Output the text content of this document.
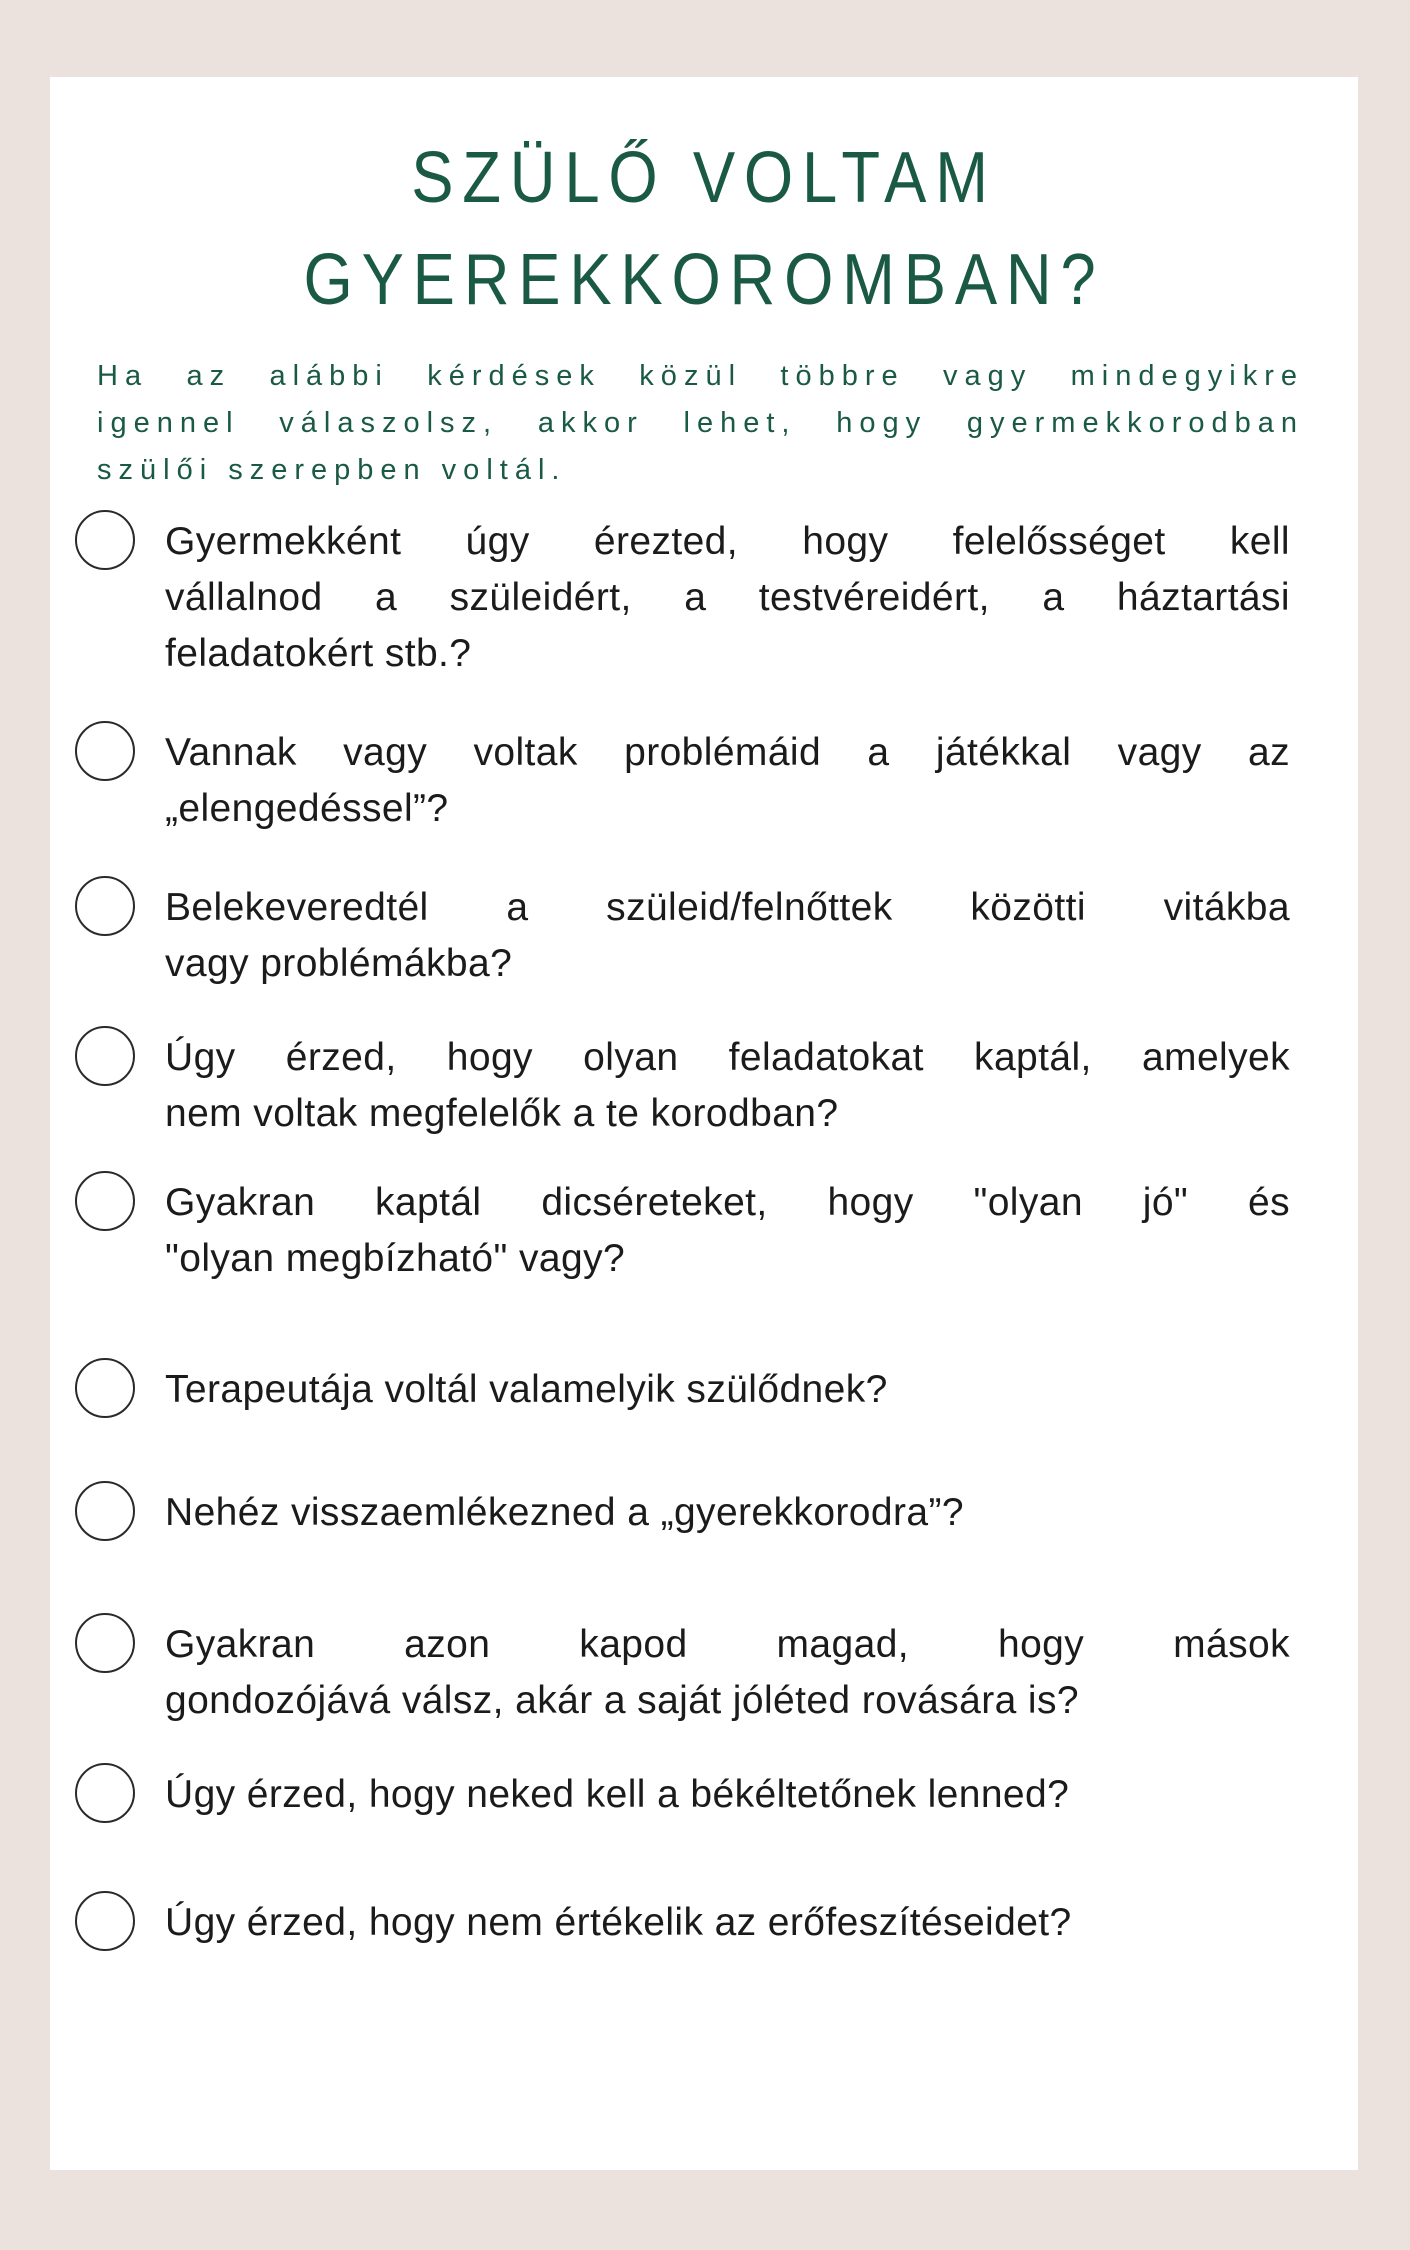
SZÜLŐ VOLTAM
GYEREKKOROMBAN?
Ha az alábbi kérdések közül többre vagy mindegyikre
igennel válaszolsz, akkor lehet, hogy gyermekkorodban
szülői szerepben voltál.
Gyermekként úgy érezted, hogy felelősséget kell
vállalnod a szüleidért, a testvéreidért, a háztartási
feladatokért stb.?
Vannak vagy voltak problémáid a játékkal vagy az
„elengedéssel”?
Belekeveredtél a szüleid/felnőttek közötti vitákba
vagy problémákba?
Úgy érzed, hogy olyan feladatokat kaptál, amelyek
nem voltak megfelelők a te korodban?
Gyakran kaptál dicséreteket, hogy "olyan jó" és
"olyan megbízható" vagy?
Terapeutája voltál valamelyik szülődnek?
Nehéz visszaemlékezned a „gyerekkorodra”?
Gyakran azon kapod magad, hogy mások
gondozójává válsz, akár a saját jóléted rovására is?
Úgy érzed, hogy neked kell a békéltetőnek lenned?
Úgy érzed, hogy nem értékelik az erőfeszítéseidet?
